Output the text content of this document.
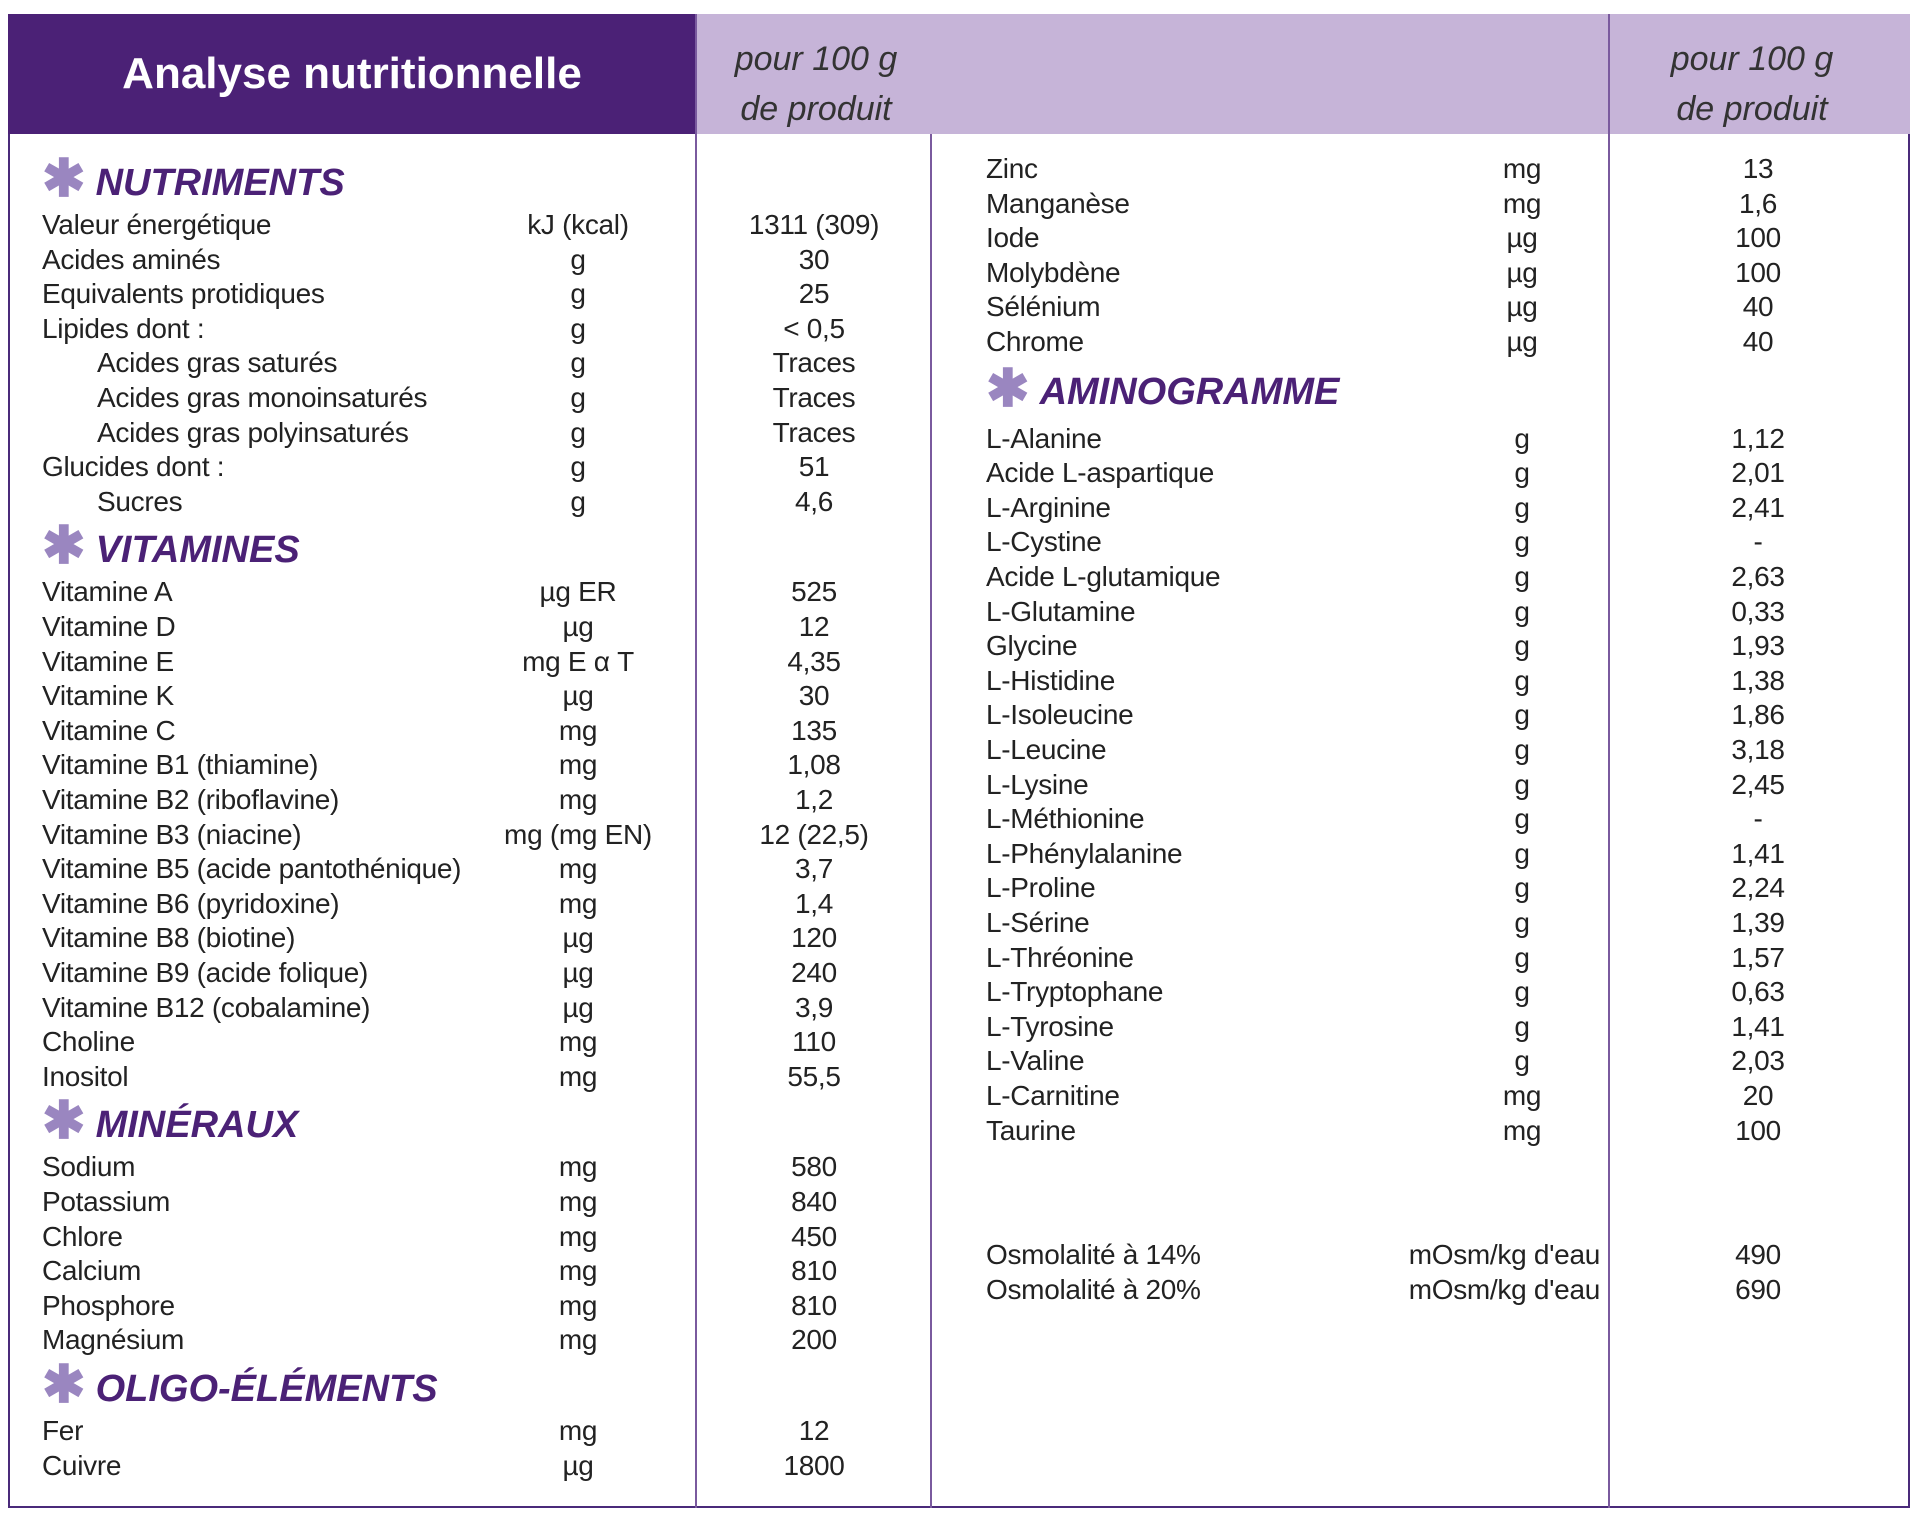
Analyse nutritionnelle	pour 100 g
de produit
pour 100 g
de produit
✱ NUTRIMENTS
Valeur énergétique	kJ (kcal)	1311 (309)
Acides aminés	g	30
Equivalents protidiques	g	25
Lipides dont :	g	< 0,5
Acides gras saturés	g	Traces
Acides gras monoinsaturés	g	Traces
Acides gras polyinsaturés	g	Traces
Glucides dont :	g	51
Sucres	g	4,6
✱ VITAMINES
Vitamine A	µg ER	525
Vitamine D	µg	12
Vitamine E	mg E α T	4,35
Vitamine K	µg	30
Vitamine C	mg	135
Vitamine B1 (thiamine)	mg	1,08
Vitamine B2 (riboflavine)	mg	1,2
Vitamine B3 (niacine)	mg (mg EN)	12 (22,5)
Vitamine B5 (acide pantothénique)	mg	3,7
Vitamine B6 (pyridoxine)	mg	1,4
Vitamine B8 (biotine)	µg	120
Vitamine B9 (acide folique)	µg	240
Vitamine B12 (cobalamine)	µg	3,9
Choline	mg	110
Inositol	mg	55,5
✱ MINÉRAUX
Sodium	mg	580
Potassium	mg	840
Chlore	mg	450
Calcium	mg	810
Phosphore	mg	810
Magnésium	mg	200
✱ OLIGO-ÉLÉMENTS
Fer	mg	12
Cuivre	µg	1800
Zinc	mg	13
Manganèse	mg	1,6
Iode	µg	100
Molybdène	µg	100
Sélénium	µg	40
Chrome	µg	40
✱ AMINOGRAMME
L-Alanine	g	1,12
Acide L-aspartique	g	2,01
L-Arginine	g	2,41
L-Cystine	g	-
Acide L-glutamique	g	2,63
L-Glutamine	g	0,33
Glycine	g	1,93
L-Histidine	g	1,38
L-Isoleucine	g	1,86
L-Leucine	g	3,18
L-Lysine	g	2,45
L-Méthionine	g	-
L-Phénylalanine	g	1,41
L-Proline	g	2,24
L-Sérine	g	1,39
L-Thréonine	g	1,57
L-Tryptophane	g	0,63
L-Tyrosine	g	1,41
L-Valine	g	2,03
L-Carnitine	mg	20
Taurine	mg	100
Osmolalité à 14%	mOsm/kg d'eau	490
Osmolalité à 20%	mOsm/kg d'eau	690
